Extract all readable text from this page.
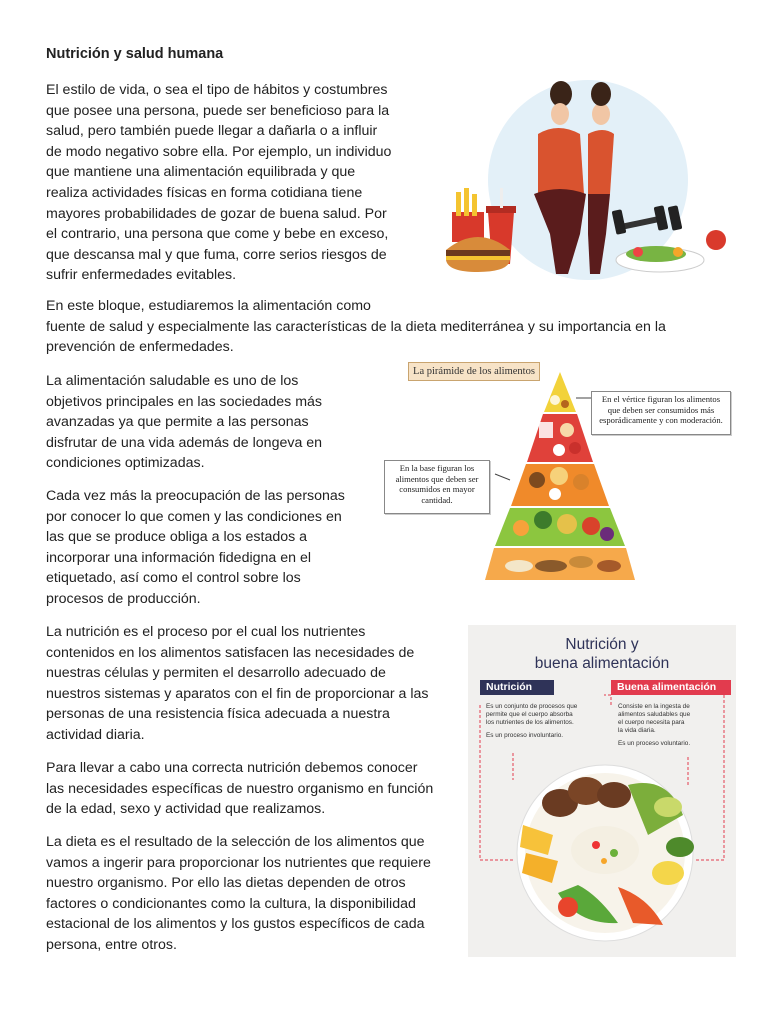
Nutrición y salud humana
El estilo de vida, o sea el tipo de hábitos y costumbres
que posee una persona, puede ser beneficioso para la
salud, pero también puede llegar a dañarla o a influir
de modo negativo sobre ella. Por ejemplo, un individuo
que mantiene una alimentación equilibrada y que
realiza actividades físicas en forma cotidiana tiene
mayores probabilidades de gozar de buena salud. Por
el contrario, una persona que come y bebe en exceso,
que descansa mal y que fuma, corre serios riesgos de
sufrir enfermedades evitables.
En este bloque, estudiaremos la alimentación como
fuente de salud y especialmente las características de la dieta mediterránea y su importancia en la
prevención de enfermedades.
La alimentación saludable es uno de los
objetivos principales en las sociedades más
avanzadas ya que permite a las personas
disfrutar de una vida además de longeva en
condiciones optimizadas.
Cada vez más la preocupación de las personas
por conocer lo que comen y las condiciones en
las que se produce obliga a los estados a
incorporar una información fidedigna en el
etiquetado, así como el control sobre los
procesos de producción.
La nutrición es el proceso por el cual los nutrientes
contenidos en los alimentos satisfacen las necesidades de
nuestras células y permiten el desarrollo adecuado de
nuestros sistemas y aparatos con el fin de proporcionar a las
personas de una resistencia física adecuada a nuestra
actividad diaria.
Para llevar a cabo una correcta nutrición debemos conocer
las necesidades específicas de nuestro organismo en función
de la edad, sexo y actividad que realizamos.
La dieta es el resultado de la selección de los alimentos que
vamos a ingerir para proporcionar los nutrientes que requiere
nuestro organismo. Por ello las dietas dependen de otros
factores o condicionantes como la cultura, la disponibilidad
estacional de los alimentos y los gustos específicos de cada
persona, entre otros.
La pirámide de los alimentos
En el vértice figuran los alimentos
que deben ser consumidos más
esporádicamente y con moderación.
En la base figuran los
alimentos que deben ser
consumidos en mayor
cantidad.
Nutrición y
buena alimentación
Nutrición	Buena alimentación
Es un conjunto de procesos que
permite que el cuerpo absorba
los nutrientes de los alimentos.
Es un proceso involuntario.
Consiste en la ingesta de
alimentos saludables que
el cuerpo necesita para
la vida diaria.
Es un proceso voluntario.
